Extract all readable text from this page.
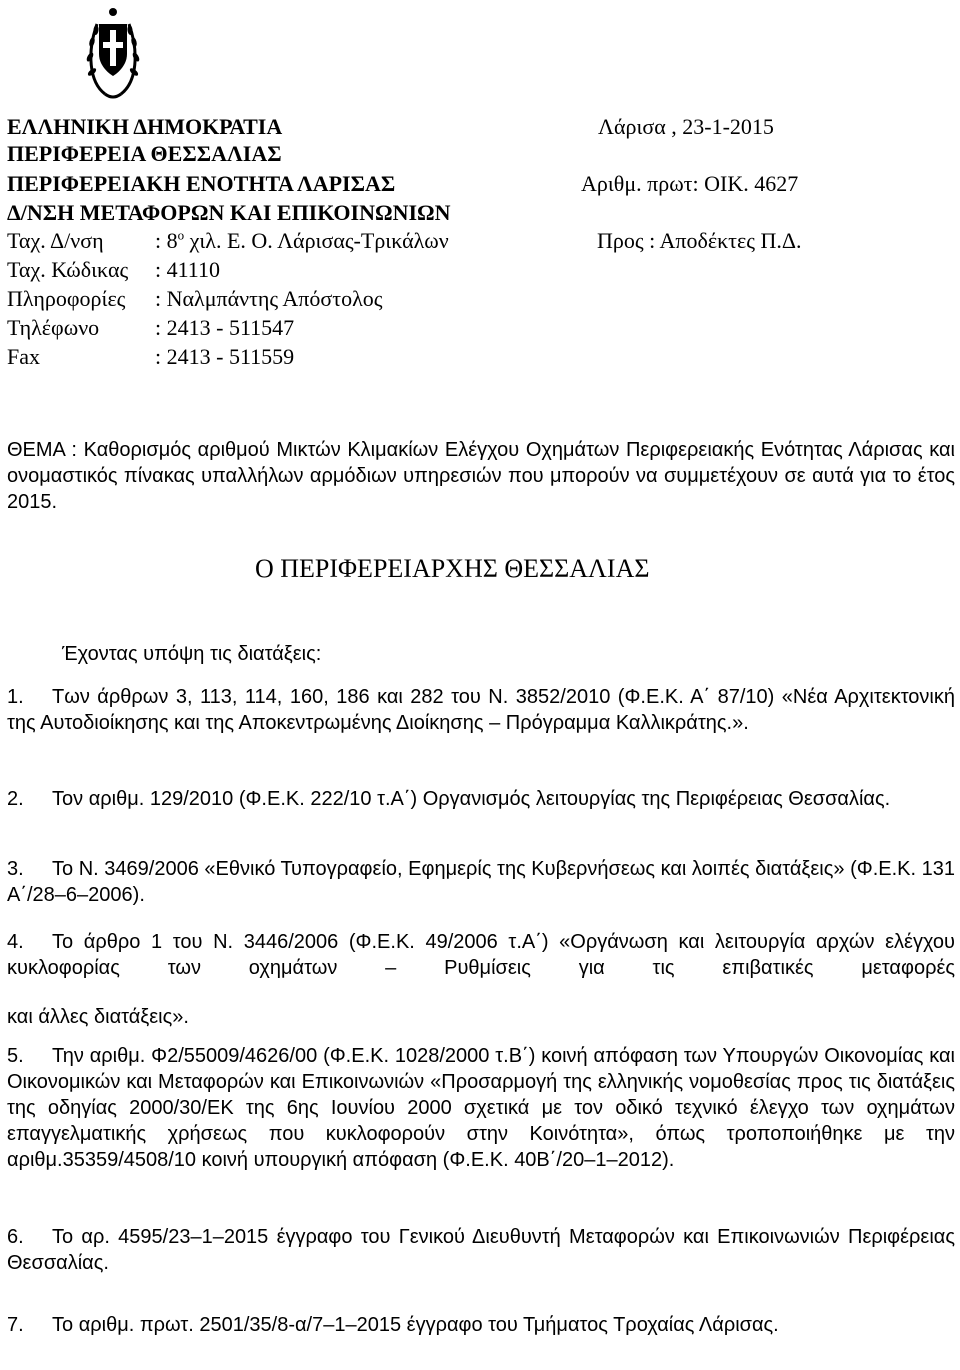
ΕΛΛΗΝΙΚΗ ΔΗΜΟΚΡΑΤΙΑ
ΠΕΡΙΦΕΡΕΙΑ ΘΕΣΣΑΛΙΑΣ
ΠΕΡΙΦΕΡΕΙΑΚΗ ΕΝΟΤΗΤΑ ΛΑΡΙΣΑΣ
Δ/ΝΣΗ ΜΕΤΑΦΟΡΩΝ ΚΑΙ ΕΠΙΚΟΙΝΩΝΙΩΝ
Ταχ. Δ/νση : $8^o$ χιλ. Ε. Ο. Λάρισας-Τρικάλων
Ταχ. Κώδικας : 41110
Πληροφορίες : Ναλμπάντης Απόστολος
Τηλέφωνο	: 2413 - 511547
Fax	: 2413 - 511559
Λάρισα , 23-1-2015
Αριθμ. πρωτ: ΟΙΚ. 4627
Προς : Αποδέκτες Π.Δ.
ΘΕΜΑ : Καθορισμός αριθμού Μικτών Κλιμακίων Ελέγχου Οχημάτων Περιφερειακής Ενότητας Λάρισας και ονομαστικός πίνακας υπαλλήλων αρμόδιων υπηρεσιών που μπορούν να συμμετέχουν σε αυτά για το έτος 2015.
Ο ΠΕΡΙΦΕΡΕΙΑΡΧΗΣ ΘΕΣΣΑΛΙΑΣ
Έχοντας υπόψη τις διατάξεις:
1. Των άρθρων 3, 113, 114, 160, 186 και 282 του Ν. 3852/2010 (Φ.Ε.Κ. Α΄ 87/10) «Νέα Αρχιτεκτονική της Αυτοδιοίκησης και της Αποκεντρωμένης Διοίκησης – Πρόγραμμα Καλλικράτης.».
2. Τον αριθμ. 129/2010 (Φ.Ε.Κ. 222/10 τ.Α΄) Οργανισμός λειτουργίας της Περιφέρειας Θεσσαλίας.
3. Το Ν. 3469/2006 «Εθνικό Τυπογραφείο, Εφημερίς της Κυβερνήσεως και λοιπές διατάξεις» (Φ.Ε.Κ. 131 Α΄/28–6–2006).
4. Το άρθρο 1 του Ν. 3446/2006 (Φ.Ε.Κ. 49/2006 τ.Α΄) «Οργάνωση και λειτουργία αρχών ελέγχου κυκλοφορίας των οχημάτων – Ρυθμίσεις για τις επιβατικές μεταφορές
και άλλες διατάξεις».
5. Την αριθμ. Φ2/55009/4626/00 (Φ.Ε.Κ. 1028/2000 τ.Β΄) κοινή απόφαση των Υπουργών Οικονομίας και Οικονομικών και Μεταφορών και Επικοινωνιών «Προσαρμογή της ελληνικής νομοθεσίας προς τις διατάξεις της οδηγίας 2000/30/ΕΚ της 6ης Ιουνίου 2000 σχετικά με τον οδικό τεχνικό έλεγχο των οχημάτων επαγγελματικής χρήσεως που κυκλοφορούν στην Κοινότητα», όπως τροποποιήθηκε με την αριθμ.35359/4508/10 κοινή υπουργική απόφαση (Φ.Ε.Κ. 40Β΄/20–1–2012).
6. Το αρ. 4595/23–1–2015 έγγραφο του Γενικού Διευθυντή Μεταφορών και Επικοινωνιών Περιφέρειας Θεσσαλίας.
7. Το αριθμ. πρωτ. 2501/35/8-α/7–1–2015 έγγραφο του Τμήματος Τροχαίας Λάρισας.
